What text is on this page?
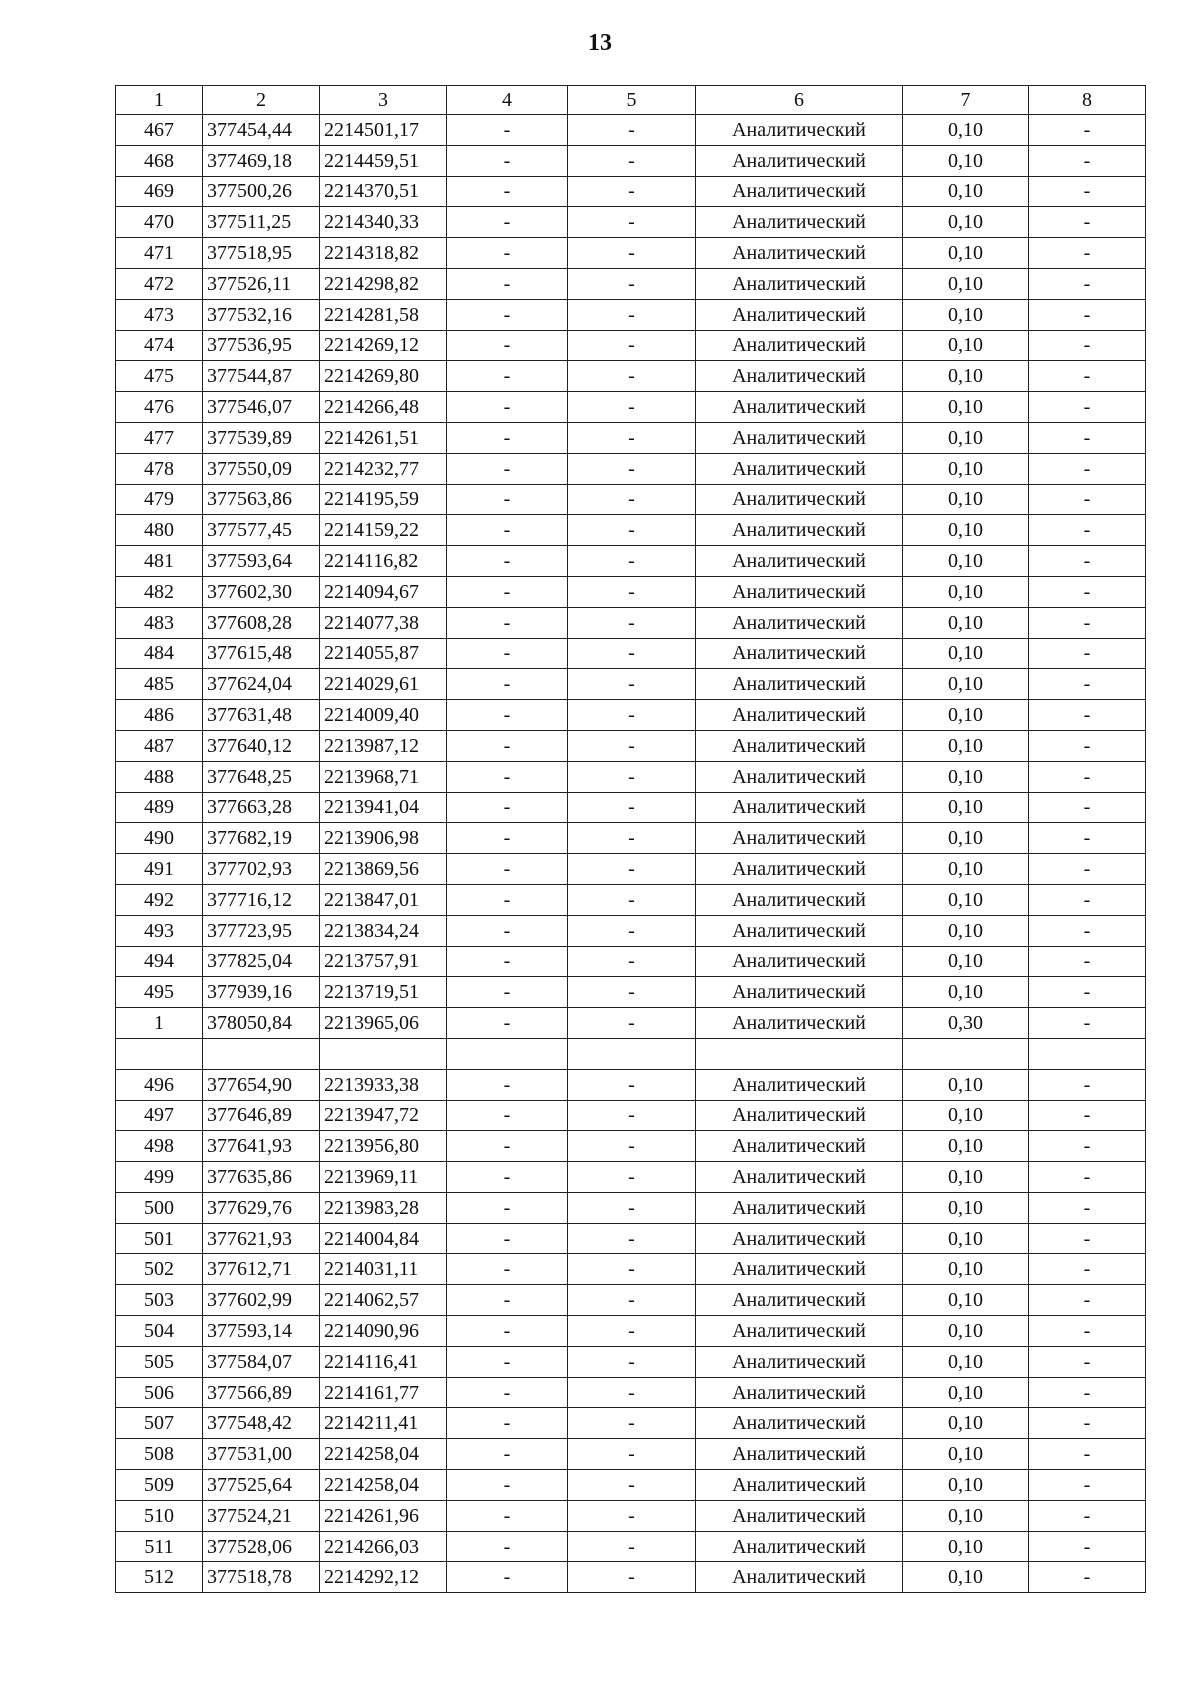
13
1	2	3	4	5	6	7	8
467	377454,44	2214501,17	-	-	Аналитический	0,10	-
468	377469,18	2214459,51	-	-	Аналитический	0,10	-
469	377500,26	2214370,51	-	-	Аналитический	0,10	-
470	377511,25	2214340,33	-	-	Аналитический	0,10	-
471	377518,95	2214318,82	-	-	Аналитический	0,10	-
472	377526,11	2214298,82	-	-	Аналитический	0,10	-
473	377532,16	2214281,58	-	-	Аналитический	0,10	-
474	377536,95	2214269,12	-	-	Аналитический	0,10	-
475	377544,87	2214269,80	-	-	Аналитический	0,10	-
476	377546,07	2214266,48	-	-	Аналитический	0,10	-
477	377539,89	2214261,51	-	-	Аналитический	0,10	-
478	377550,09	2214232,77	-	-	Аналитический	0,10	-
479	377563,86	2214195,59	-	-	Аналитический	0,10	-
480	377577,45	2214159,22	-	-	Аналитический	0,10	-
481	377593,64	2214116,82	-	-	Аналитический	0,10	-
482	377602,30	2214094,67	-	-	Аналитический	0,10	-
483	377608,28	2214077,38	-	-	Аналитический	0,10	-
484	377615,48	2214055,87	-	-	Аналитический	0,10	-
485	377624,04	2214029,61	-	-	Аналитический	0,10	-
486	377631,48	2214009,40	-	-	Аналитический	0,10	-
487	377640,12	2213987,12	-	-	Аналитический	0,10	-
488	377648,25	2213968,71	-	-	Аналитический	0,10	-
489	377663,28	2213941,04	-	-	Аналитический	0,10	-
490	377682,19	2213906,98	-	-	Аналитический	0,10	-
491	377702,93	2213869,56	-	-	Аналитический	0,10	-
492	377716,12	2213847,01	-	-	Аналитический	0,10	-
493	377723,95	2213834,24	-	-	Аналитический	0,10	-
494	377825,04	2213757,91	-	-	Аналитический	0,10	-
495	377939,16	2213719,51	-	-	Аналитический	0,10	-
1	378050,84	2213965,06	-	-	Аналитический	0,30	-

496	377654,90	2213933,38	-	-	Аналитический	0,10	-
497	377646,89	2213947,72	-	-	Аналитический	0,10	-
498	377641,93	2213956,80	-	-	Аналитический	0,10	-
499	377635,86	2213969,11	-	-	Аналитический	0,10	-
500	377629,76	2213983,28	-	-	Аналитический	0,10	-
501	377621,93	2214004,84	-	-	Аналитический	0,10	-
502	377612,71	2214031,11	-	-	Аналитический	0,10	-
503	377602,99	2214062,57	-	-	Аналитический	0,10	-
504	377593,14	2214090,96	-	-	Аналитический	0,10	-
505	377584,07	2214116,41	-	-	Аналитический	0,10	-
506	377566,89	2214161,77	-	-	Аналитический	0,10	-
507	377548,42	2214211,41	-	-	Аналитический	0,10	-
508	377531,00	2214258,04	-	-	Аналитический	0,10	-
509	377525,64	2214258,04	-	-	Аналитический	0,10	-
510	377524,21	2214261,96	-	-	Аналитический	0,10	-
511	377528,06	2214266,03	-	-	Аналитический	0,10	-
512	377518,78	2214292,12	-	-	Аналитический	0,10	-
